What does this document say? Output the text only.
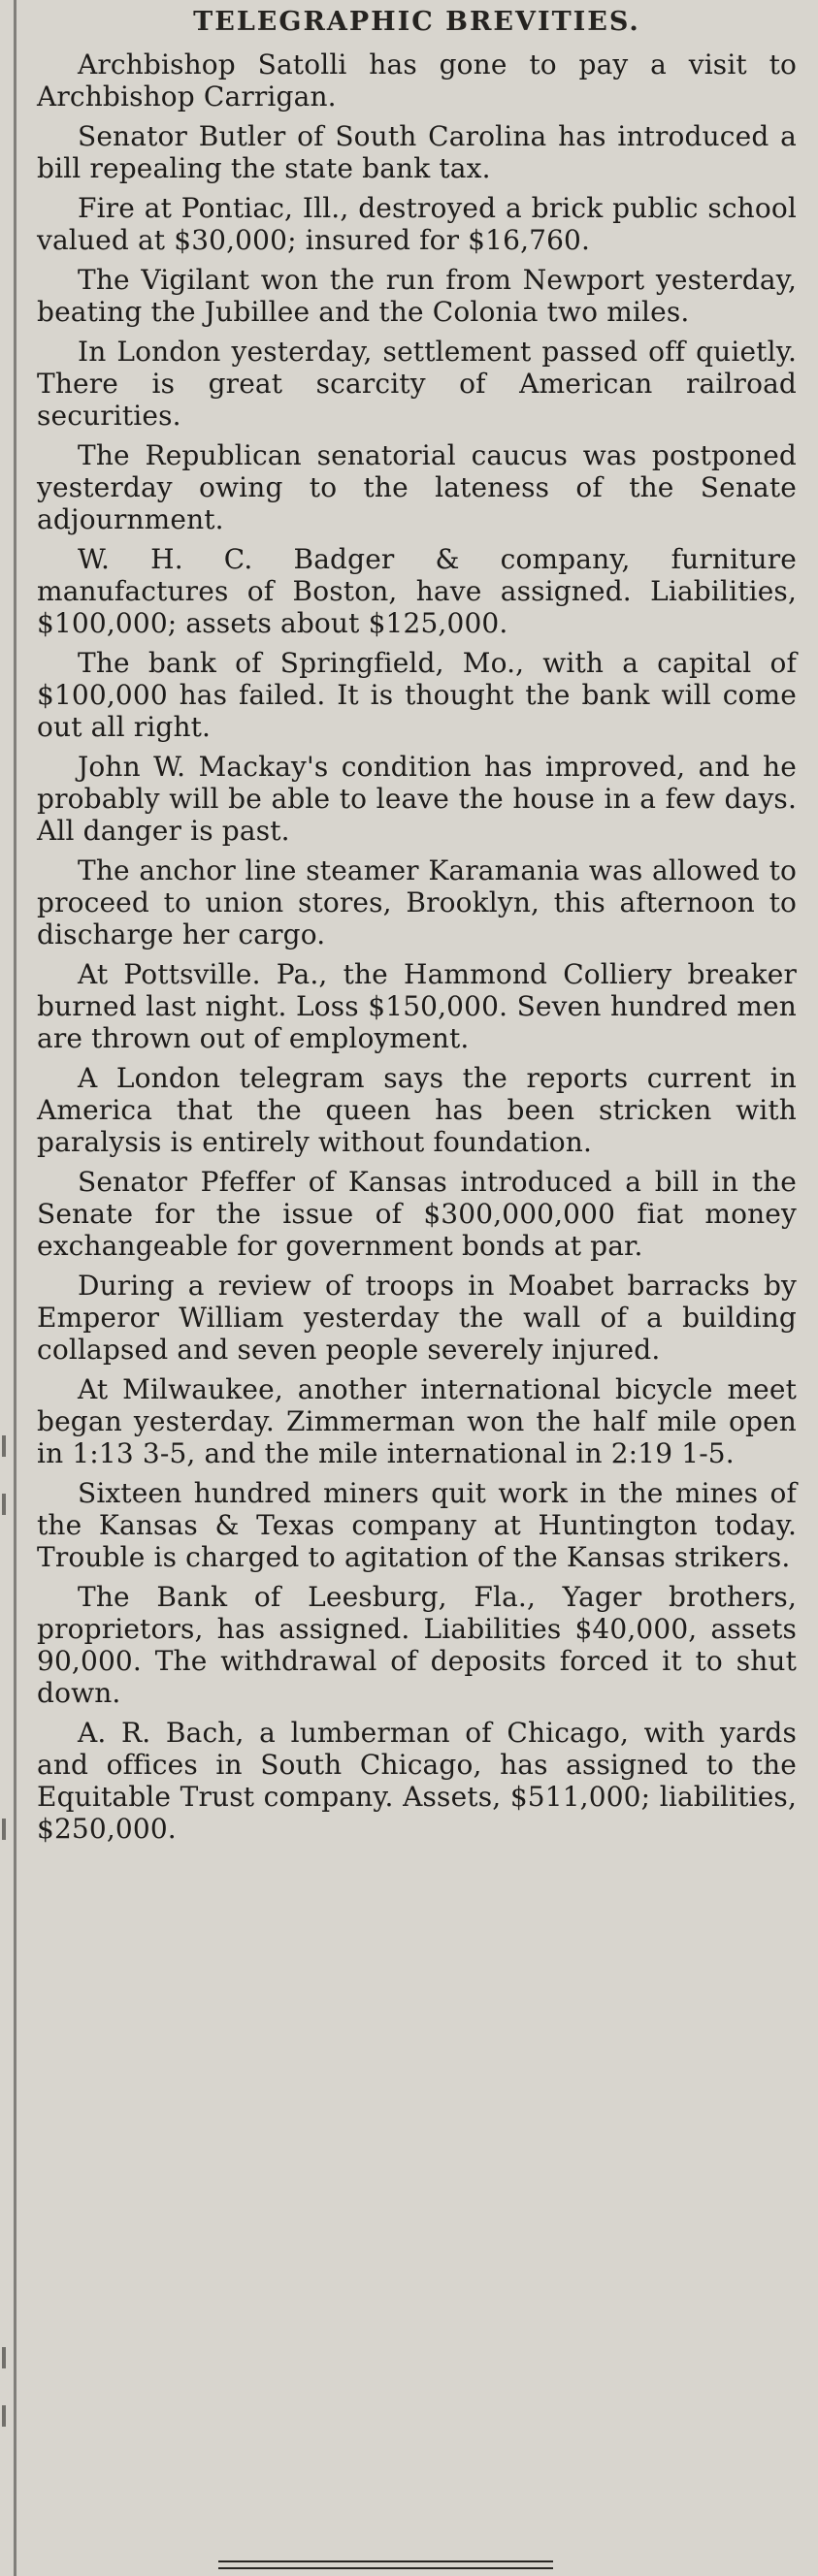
TELEGRAPHIC BREVITIES.

Archbishop Satolli has gone to pay a visit to Archbishop Carrigan.

Senator Butler of South Carolina has introduced a bill repealing the state bank tax.

Fire at Pontiac, Ill., destroyed a brick public school valued at $30,000; insured for $16,760.

The Vigilant won the run from Newport yesterday, beating the Jubillee and the Colonia two miles.

In London yesterday, settlement passed off quietly. There is great scarcity of American railroad securities.

The Republican senatorial caucus was postponed yesterday owing to the lateness of the Senate adjournment.

W. H. C. Badger & company, furniture manufactures of Boston, have assigned. Liabilities, $100,000; assets about $125,000.

The bank of Springfield, Mo., with a capital of $100,000 has failed. It is thought the bank will come out all right.

John W. Mackay's condition has improved, and he probably will be able to leave the house in a few days. All danger is past.

The anchor line steamer Karamania was allowed to proceed to union stores, Brooklyn, this afternoon to discharge her cargo.

At Pottsville. Pa., the Hammond Colliery breaker burned last night. Loss $150,000. Seven hundred men are thrown out of employment.

A London telegram says the reports current in America that the queen has been stricken with paralysis is entirely without foundation.

Senator Pfeffer of Kansas introduced a bill in the Senate for the issue of $300,000,000 fiat money exchangeable for government bonds at par.

During a review of troops in Moabet barracks by Emperor William yesterday the wall of a building collapsed and seven people severely injured.

At Milwaukee, another international bicycle meet began yesterday. Zimmerman won the half mile open in 1:13 3-5, and the mile international in 2:19 1-5.

Sixteen hundred miners quit work in the mines of the Kansas & Texas company at Huntington today. Trouble is charged to agitation of the Kansas strikers.

The Bank of Leesburg, Fla., Yager brothers, proprietors, has assigned. Liabilities $40,000, assets 90,000. The withdrawal of deposits forced it to shut down.

A. R. Bach, a lumberman of Chicago, with yards and offices in South Chicago, has assigned to the Equitable Trust company. Assets, $511,000; liabilities, $250,000.
